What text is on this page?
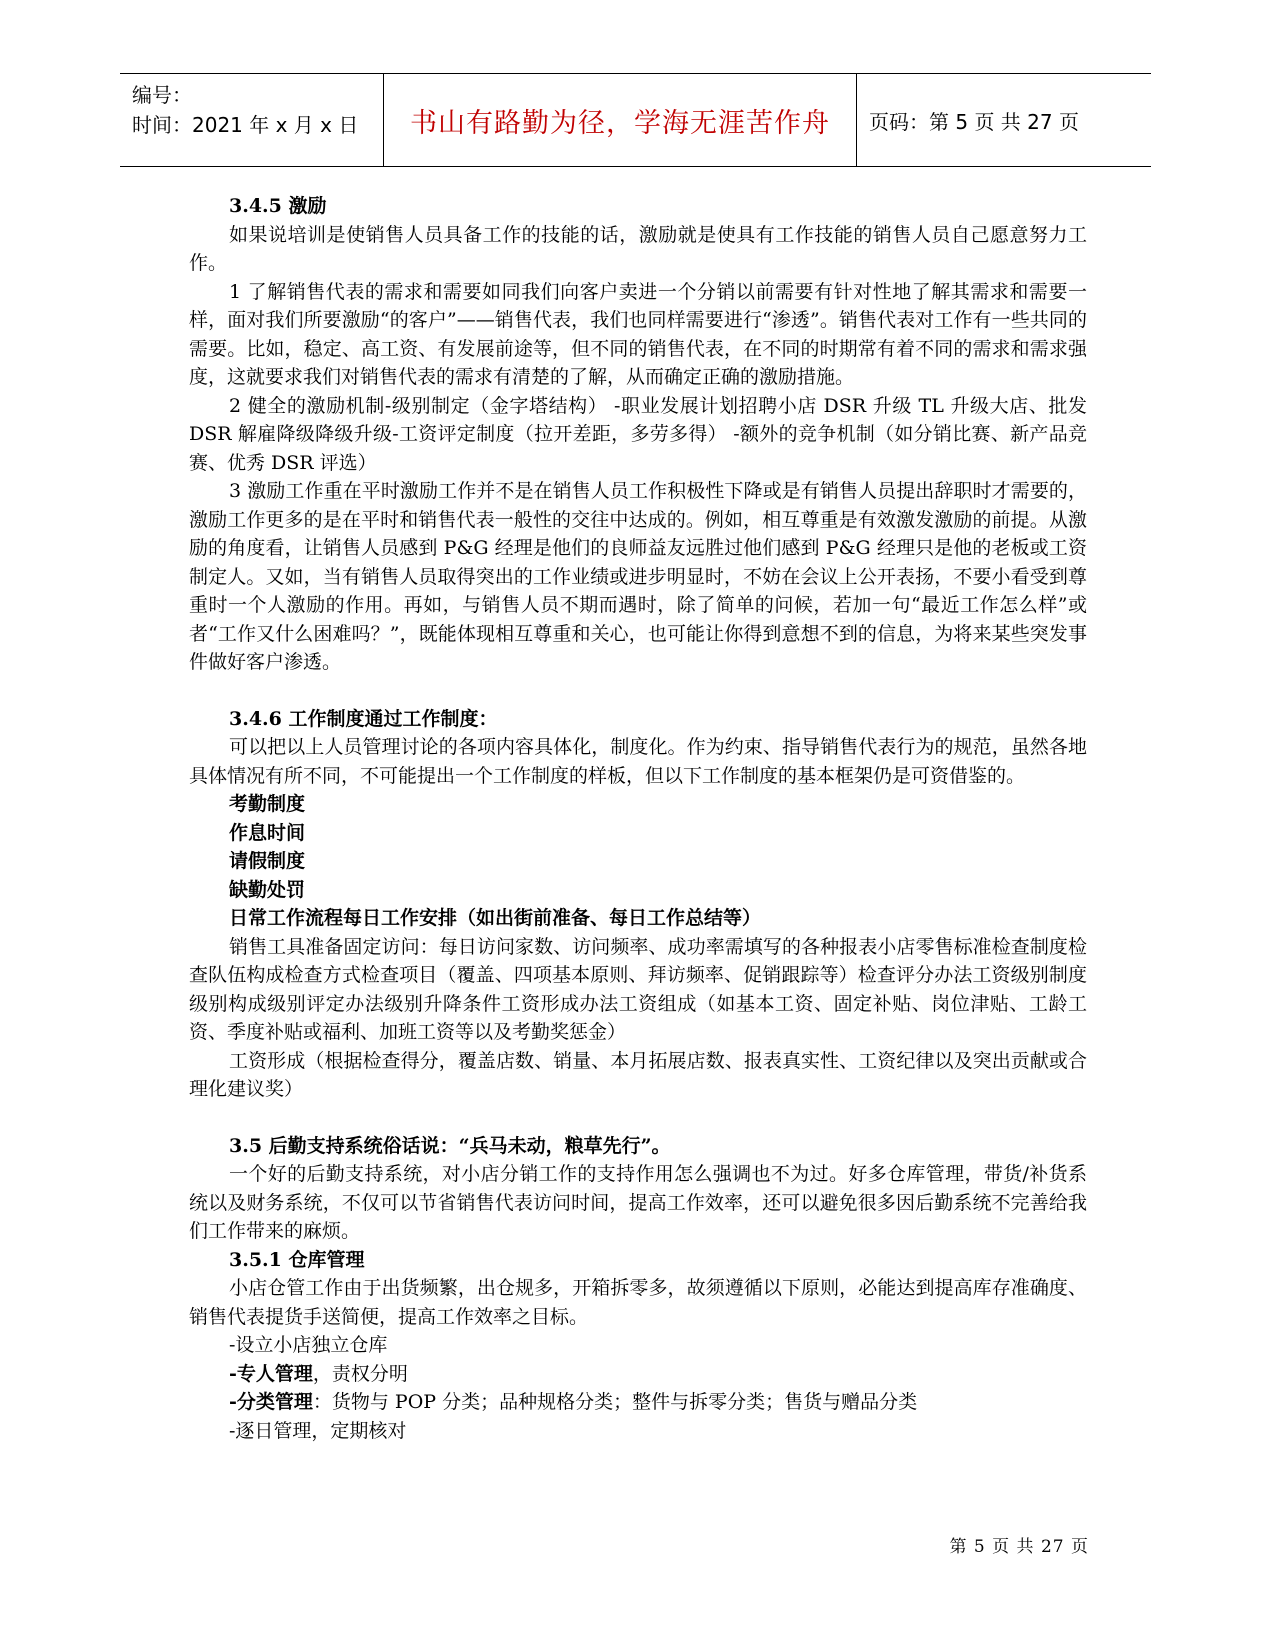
编号：
时间：2021 年 x 月 x 日	书山有路勤为径，学海无涯苦作舟	页码：第 5 页 共 27 页

3.4.5 激励

如果说培训是使销售人员具备工作的技能的话，激励就是使具有工作技能的销售人员自己愿意努力工作。

1 了解销售代表的需求和需要如同我们向客户卖进一个分销以前需要有针对性地了解其需求和需要一样，面对我们所要激励“的客户”——销售代表，我们也同样需要进行“渗透”。销售代表对工作有一些共同的需要。比如，稳定、高工资、有发展前途等，但不同的销售代表，在不同的时期常有着不同的需求和需求强度，这就要求我们对销售代表的需求有清楚的了解，从而确定正确的激励措施。

2 健全的激励机制-级别制定（金字塔结构） -职业发展计划招聘小店 DSR 升级 TL 升级大店、批发 DSR 解雇降级降级升级-工资评定制度（拉开差距，多劳多得） -额外的竞争机制（如分销比赛、新产品竞赛、优秀 DSR 评选）

3 激励工作重在平时激励工作并不是在销售人员工作积极性下降或是有销售人员提出辞职时才需要的，激励工作更多的是在平时和销售代表一般性的交往中达成的。例如，相互尊重是有效激发激励的前提。从激励的角度看，让销售人员感到 P&G 经理是他们的良师益友远胜过他们感到 P&G 经理只是他的老板或工资制定人。又如，当有销售人员取得突出的工作业绩或进步明显时，不妨在会议上公开表扬，不要小看受到尊重时一个人激励的作用。再如，与销售人员不期而遇时，除了简单的问候，若加一句“最近工作怎么样”或者“工作又什么困难吗？”，既能体现相互尊重和关心，也可能让你得到意想不到的信息，为将来某些突发事件做好客户渗透。

3.4.6 工作制度通过工作制度：

可以把以上人员管理讨论的各项内容具体化，制度化。作为约束、指导销售代表行为的规范，虽然各地具体情况有所不同，不可能提出一个工作制度的样板，但以下工作制度的基本框架仍是可资借鉴的。

考勤制度

作息时间

请假制度

缺勤处罚

日常工作流程每日工作安排（如出街前准备、每日工作总结等）

销售工具准备固定访问：每日访问家数、访问频率、成功率需填写的各种报表小店零售标准检查制度检查队伍构成检查方式检查项目（覆盖、四项基本原则、拜访频率、促销跟踪等）检查评分办法工资级别制度级别构成级别评定办法级别升降条件工资形成办法工资组成（如基本工资、固定补贴、岗位津贴、工龄工资、季度补贴或福利、加班工资等以及考勤奖惩金）

工资形成（根据检查得分，覆盖店数、销量、本月拓展店数、报表真实性、工资纪律以及突出贡献或合理化建议奖）

3.5 后勤支持系统俗话说：“兵马未动，粮草先行”。

一个好的后勤支持系统，对小店分销工作的支持作用怎么强调也不为过。好多仓库管理，带货/补货系统以及财务系统，不仅可以节省销售代表访问时间，提高工作效率，还可以避免很多因后勤系统不完善给我们工作带来的麻烦。

3.5.1 仓库管理

小店仓管工作由于出货频繁，出仓规多，开箱拆零多，故须遵循以下原则，必能达到提高库存准确度、销售代表提货手送简便，提高工作效率之目标。

-设立小店独立仓库

-专人管理，责权分明

-分类管理：货物与 POP 分类；品种规格分类；整件与拆零分类；售货与赠品分类

-逐日管理，定期核对

第 5 页 共 27 页
